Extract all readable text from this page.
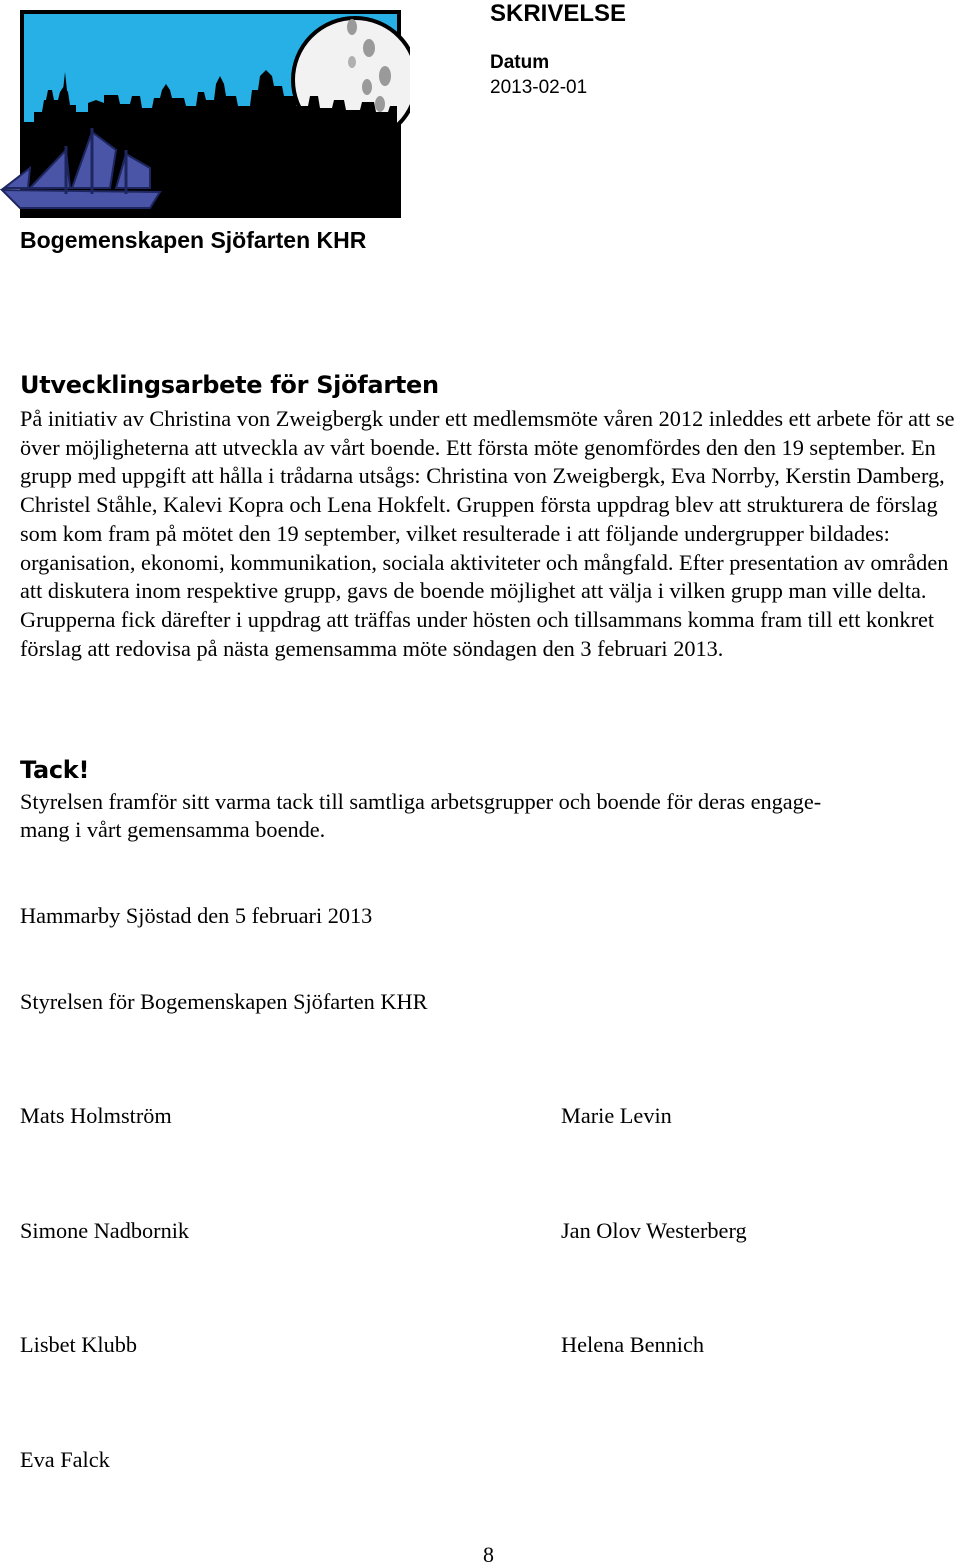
SJÖFARTEN
SKRIVELSE
Datum
2013-02-01
Bogemenskapen Sjöfarten KHR
Utvecklingsarbete för Sjöfarten

På initiativ av Christina von Zweigbergk under ett medlemsmöte våren 2012 inleddes ett arbete för att se över möjligheterna att utveckla av vårt boende. Ett första möte genomfördes den den 19 september. En grupp med uppgift att hålla i trådarna utsågs: Christina von Zweigbergk, Eva Norrby, Kerstin Damberg, Christel Ståhle, Kalevi Kopra och Lena Hokfelt. Gruppen första uppdrag blev att strukturera de förslag som kom fram på mötet den 19 september, vilket resulterade i att följande undergrupper bildades: organisation, ekonomi, kommunikation, sociala aktiviteter och mångfald. Efter presentation av områden att diskutera inom respektive grupp, gavs de boende möjlighet att välja i vilken grupp man ville delta. Grupperna fick därefter i uppdrag att träffas under hösten och tillsammans komma fram till ett konkret förslag att redovisa på nästa gemensamma möte söndagen den 3 februari 2013.

Tack!
Styrelsen framför sitt varma tack till samtliga arbetsgrupper och boende för deras engage-
mang i vårt gemensamma boende.
Hammarby Sjöstad den 5 februari 2013
Styrelsen för Bogemenskapen Sjöfarten KHR
Mats Holmström	Marie Levin
Simone Nadbornik	Jan Olov Westerberg
Lisbet Klubb	Helena Bennich
Eva Falck
8
